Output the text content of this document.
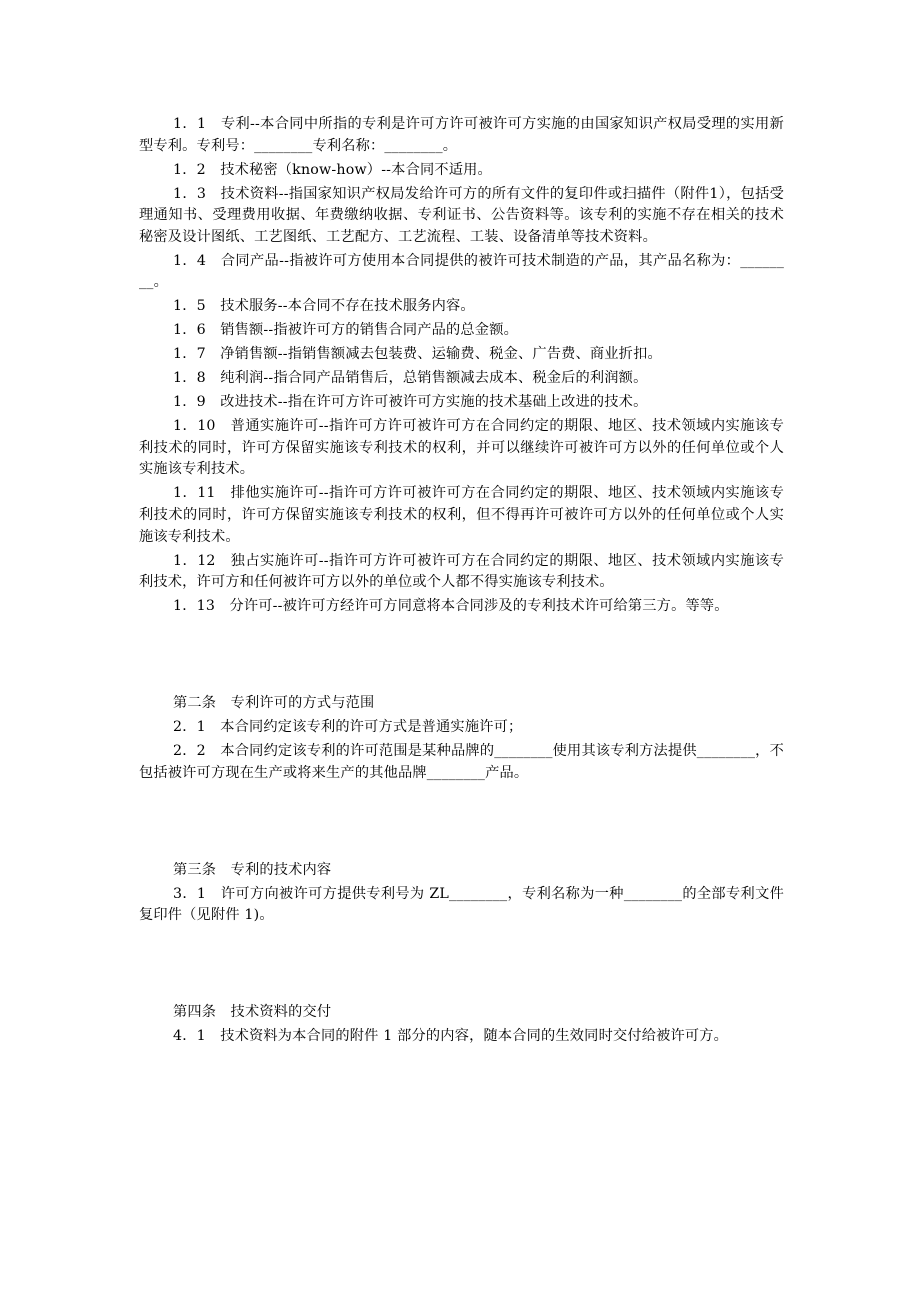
1．1　专利--本合同中所指的专利是许可方许可被许可方实施的由国家知识产权局受理的实用新型专利。专利号：________专利名称：________。

1．2　技术秘密（know-how）--本合同不适用。

1．3　技术资料--指国家知识产权局发给许可方的所有文件的复印件或扫描件（附件1），包括受理通知书、受理费用收据、年费缴纳收据、专利证书、公告资料等。该专利的实施不存在相关的技术秘密及设计图纸、工艺图纸、工艺配方、工艺流程、工装、设备清单等技术资料。

1．4　合同产品--指被许可方使用本合同提供的被许可技术制造的产品，其产品名称为：________。

1．5　技术服务--本合同不存在技术服务内容。

1．6　销售额--指被许可方的销售合同产品的总金额。

1．7　净销售额--指销售额减去包装费、运输费、税金、广告费、商业折扣。

1．8　纯利润--指合同产品销售后，总销售额减去成本、税金后的利润额。

1．9　改进技术--指在许可方许可被许可方实施的技术基础上改进的技术。

1．10　普通实施许可--指许可方许可被许可方在合同约定的期限、地区、技术领域内实施该专利技术的同时，许可方保留实施该专利技术的权利，并可以继续许可被许可方以外的任何单位或个人实施该专利技术。

1．11　排他实施许可--指许可方许可被许可方在合同约定的期限、地区、技术领域内实施该专利技术的同时，许可方保留实施该专利技术的权利，但不得再许可被许可方以外的任何单位或个人实施该专利技术。

1．12　独占实施许可--指许可方许可被许可方在合同约定的期限、地区、技术领域内实施该专利技术，许可方和任何被许可方以外的单位或个人都不得实施该专利技术。

1．13　分许可--被许可方经许可方同意将本合同涉及的专利技术许可给第三方。等等。

第二条　专利许可的方式与范围

2．1　本合同约定该专利的许可方式是普通实施许可；

2．2　本合同约定该专利的许可范围是某种品牌的________使用其该专利方法提供________，不包括被许可方现在生产或将来生产的其他品牌________产品。

第三条　专利的技术内容

3．1　许可方向被许可方提供专利号为 ZL________，专利名称为一种________的全部专利文件复印件（见附件 1)。

第四条　技术资料的交付

4．1　技术资料为本合同的附件 1 部分的内容，随本合同的生效同时交付给被许可方。
